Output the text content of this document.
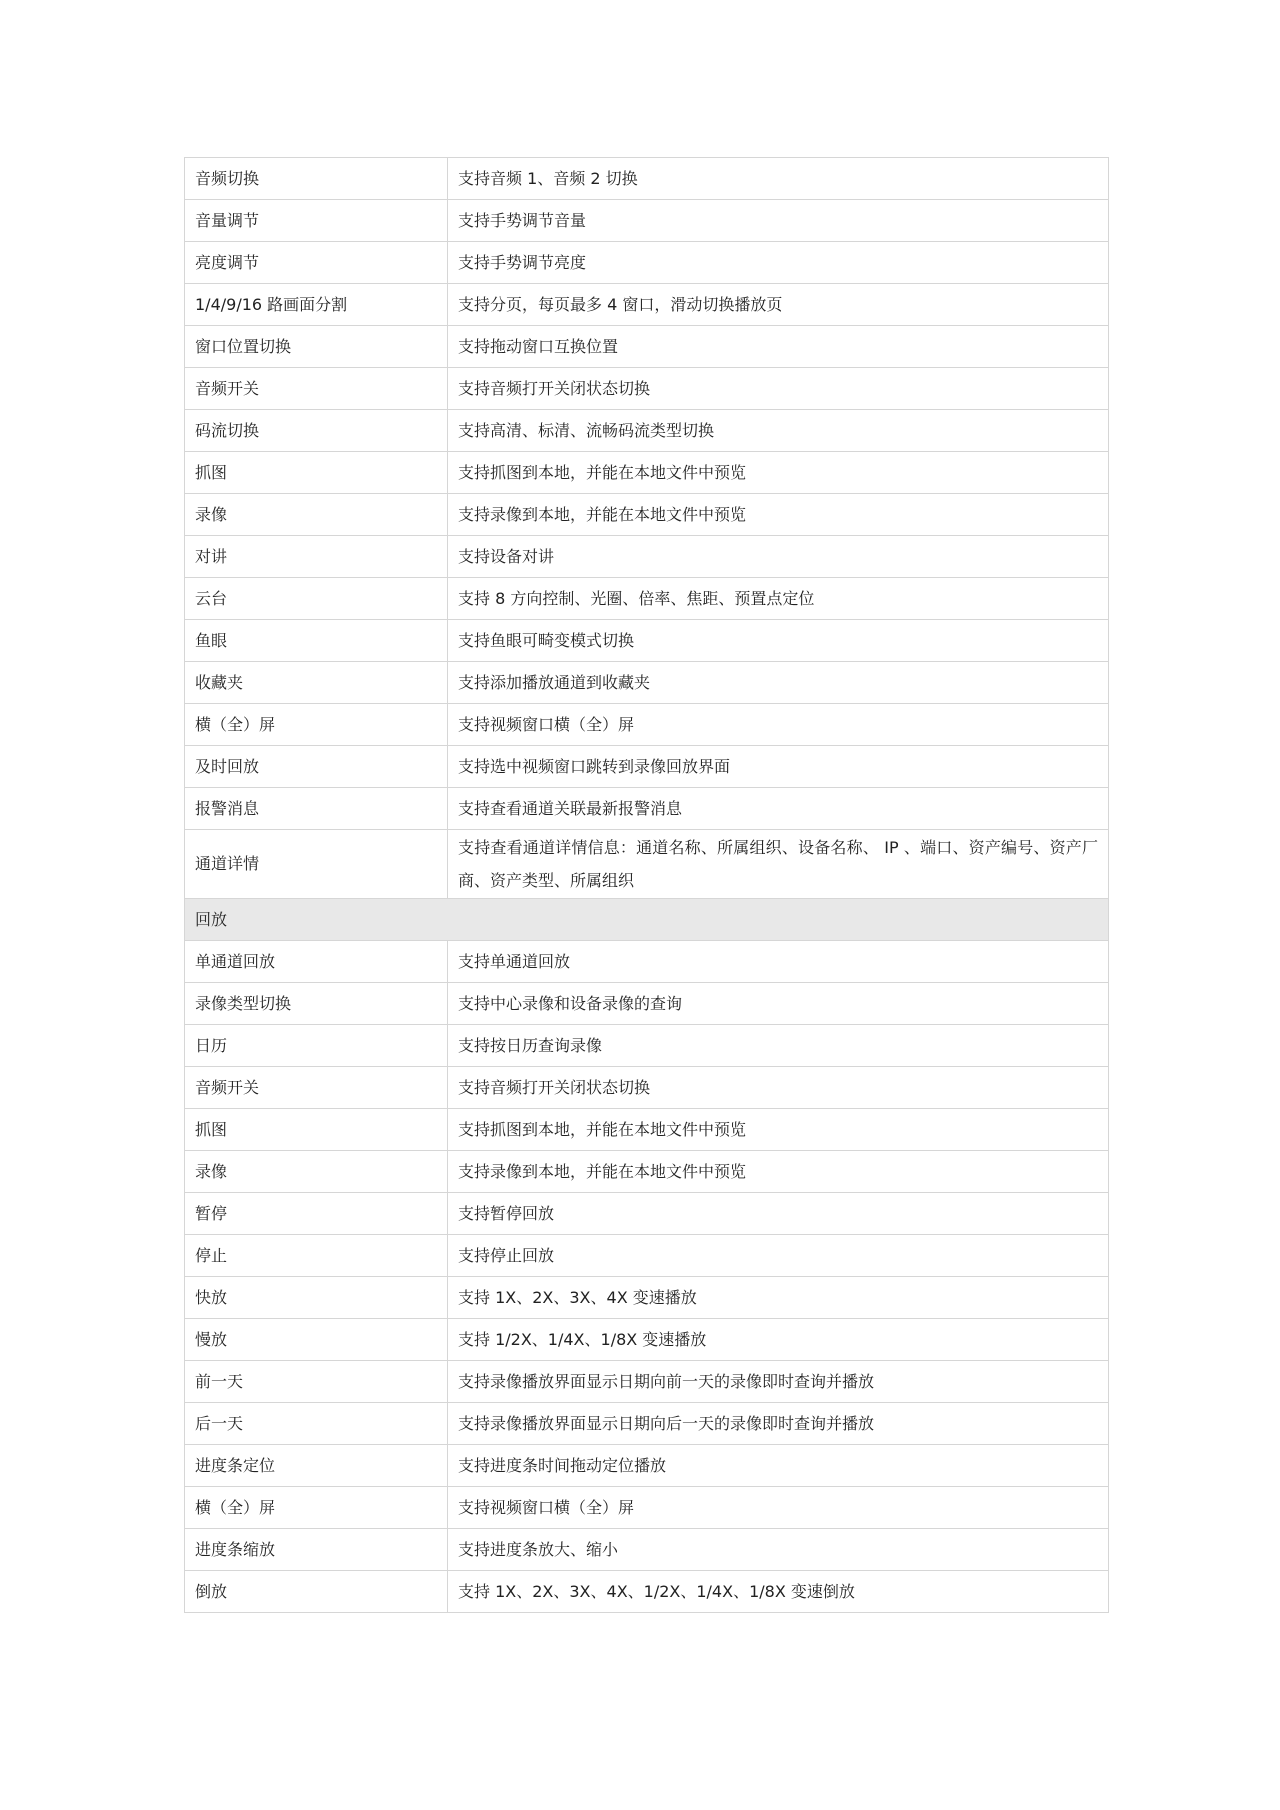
音频切换	支持音频 1、音频 2 切换
音量调节	支持手势调节音量
亮度调节	支持手势调节亮度
1/4/9/16 路画面分割	支持分页，每页最多 4 窗口，滑动切换播放页
窗口位置切换	支持拖动窗口互换位置
音频开关	支持音频打开关闭状态切换
码流切换	支持高清、标清、流畅码流类型切换
抓图	支持抓图到本地，并能在本地文件中预览
录像	支持录像到本地，并能在本地文件中预览
对讲	支持设备对讲
云台	支持 8 方向控制、光圈、倍率、焦距、预置点定位
鱼眼	支持鱼眼可畸变模式切换
收藏夹	支持添加播放通道到收藏夹
横（全）屏	支持视频窗口横（全）屏
及时回放	支持选中视频窗口跳转到录像回放界面
报警消息	支持查看通道关联最新报警消息
通道详情	支持查看通道详情信息：通道名称、所属组织、设备名称、 IP 、端口、资产编号、资产厂商、资产类型、所属组织
回放	
单通道回放	支持单通道回放
录像类型切换	支持中心录像和设备录像的查询
日历	支持按日历查询录像
音频开关	支持音频打开关闭状态切换
抓图	支持抓图到本地，并能在本地文件中预览
录像	支持录像到本地，并能在本地文件中预览
暂停	支持暂停回放
停止	支持停止回放
快放	支持 1X、2X、3X、4X 变速播放
慢放	支持 1/2X、1/4X、1/8X 变速播放
前一天	支持录像播放界面显示日期向前一天的录像即时查询并播放
后一天	支持录像播放界面显示日期向后一天的录像即时查询并播放
进度条定位	支持进度条时间拖动定位播放
横（全）屏	支持视频窗口横（全）屏
进度条缩放	支持进度条放大、缩小
倒放	支持 1X、2X、3X、4X、1/2X、1/4X、1/8X 变速倒放
